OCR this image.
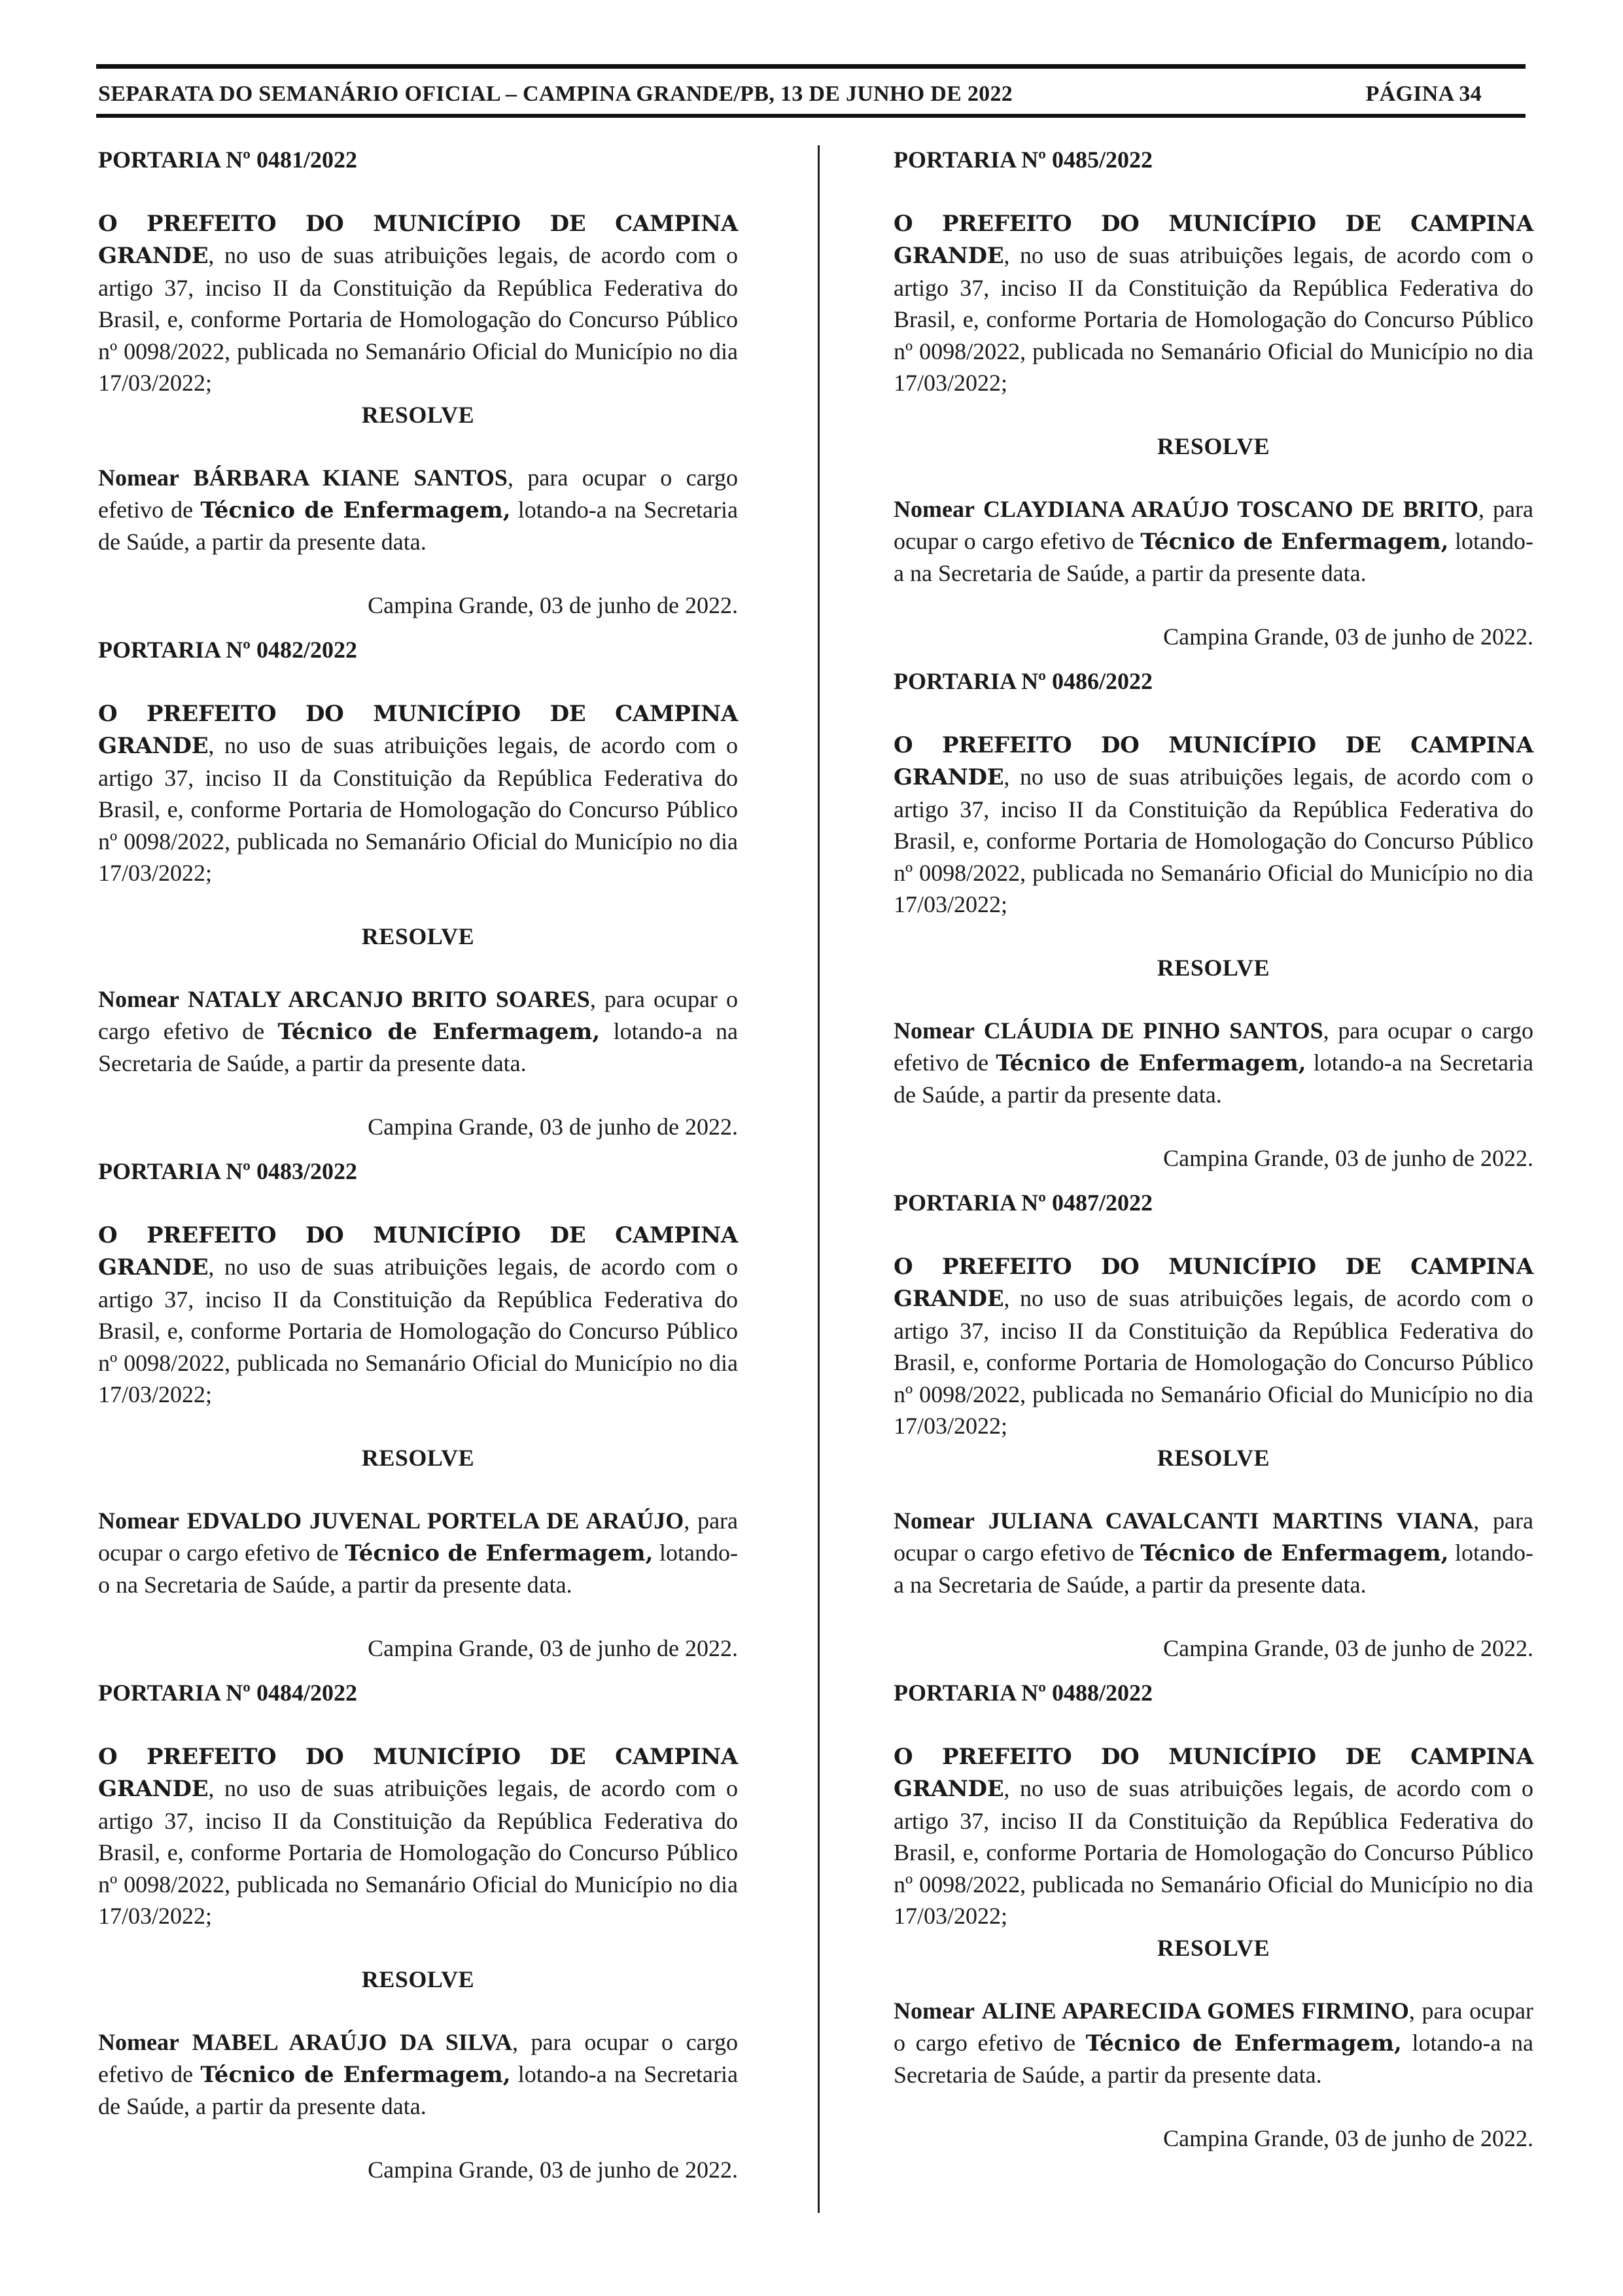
SEPARATA DO SEMANÁRIO OFICIAL – CAMPINA GRANDE/PB, 13 DE JUNHO DE 2022	PÁGINA 34
PORTARIA Nº 0481/2022

O PREFEITO DO MUNICÍPIO DE CAMPINA GRANDE, no uso de suas atribuições legais, de acordo com o artigo 37, inciso II da Constituição da República Federativa do Brasil, e, conforme Portaria de Homologação do Concurso Público nº 0098/2022, publicada no Semanário Oficial do Município no dia 17/03/2022;

RESOLVE

Nomear BÁRBARA KIANE SANTOS, para ocupar o cargo efetivo de Técnico de Enfermagem, lotando-a na Secretaria de Saúde, a partir da presente data.

Campina Grande, 03 de junho de 2022.
PORTARIA Nº 0482/2022

O PREFEITO DO MUNICÍPIO DE CAMPINA GRANDE, no uso de suas atribuições legais, de acordo com o artigo 37, inciso II da Constituição da República Federativa do Brasil, e, conforme Portaria de Homologação do Concurso Público nº 0098/2022, publicada no Semanário Oficial do Município no dia 17/03/2022;

RESOLVE

Nomear NATALY ARCANJO BRITO SOARES, para ocupar o cargo efetivo de Técnico de Enfermagem, lotando-a na Secretaria de Saúde, a partir da presente data.

Campina Grande, 03 de junho de 2022.
PORTARIA Nº 0483/2022

O PREFEITO DO MUNICÍPIO DE CAMPINA GRANDE, no uso de suas atribuições legais, de acordo com o artigo 37, inciso II da Constituição da República Federativa do Brasil, e, conforme Portaria de Homologação do Concurso Público nº 0098/2022, publicada no Semanário Oficial do Município no dia 17/03/2022;

RESOLVE

Nomear EDVALDO JUVENAL PORTELA DE ARAÚJO, para ocupar o cargo efetivo de Técnico de Enfermagem, lotando-o na Secretaria de Saúde, a partir da presente data.

Campina Grande, 03 de junho de 2022.
PORTARIA Nº 0484/2022

O PREFEITO DO MUNICÍPIO DE CAMPINA GRANDE, no uso de suas atribuições legais, de acordo com o artigo 37, inciso II da Constituição da República Federativa do Brasil, e, conforme Portaria de Homologação do Concurso Público nº 0098/2022, publicada no Semanário Oficial do Município no dia 17/03/2022;

RESOLVE

Nomear MABEL ARAÚJO DA SILVA, para ocupar o cargo efetivo de Técnico de Enfermagem, lotando-a na Secretaria de Saúde, a partir da presente data.

Campina Grande, 03 de junho de 2022.
PORTARIA Nº 0485/2022

O PREFEITO DO MUNICÍPIO DE CAMPINA GRANDE, no uso de suas atribuições legais, de acordo com o artigo 37, inciso II da Constituição da República Federativa do Brasil, e, conforme Portaria de Homologação do Concurso Público nº 0098/2022, publicada no Semanário Oficial do Município no dia 17/03/2022;

RESOLVE

Nomear CLAYDIANA ARAÚJO TOSCANO DE BRITO, para ocupar o cargo efetivo de Técnico de Enfermagem, lotando-a na Secretaria de Saúde, a partir da presente data.

Campina Grande, 03 de junho de 2022.
PORTARIA Nº 0486/2022

O PREFEITO DO MUNICÍPIO DE CAMPINA GRANDE, no uso de suas atribuições legais, de acordo com o artigo 37, inciso II da Constituição da República Federativa do Brasil, e, conforme Portaria de Homologação do Concurso Público nº 0098/2022, publicada no Semanário Oficial do Município no dia 17/03/2022;

RESOLVE

Nomear CLÁUDIA DE PINHO SANTOS, para ocupar o cargo efetivo de Técnico de Enfermagem, lotando-a na Secretaria de Saúde, a partir da presente data.

Campina Grande, 03 de junho de 2022.
PORTARIA Nº 0487/2022

O PREFEITO DO MUNICÍPIO DE CAMPINA GRANDE, no uso de suas atribuições legais, de acordo com o artigo 37, inciso II da Constituição da República Federativa do Brasil, e, conforme Portaria de Homologação do Concurso Público nº 0098/2022, publicada no Semanário Oficial do Município no dia 17/03/2022;

RESOLVE

Nomear JULIANA CAVALCANTI MARTINS VIANA, para ocupar o cargo efetivo de Técnico de Enfermagem, lotando-a na Secretaria de Saúde, a partir da presente data.

Campina Grande, 03 de junho de 2022.
PORTARIA Nº 0488/2022

O PREFEITO DO MUNICÍPIO DE CAMPINA GRANDE, no uso de suas atribuições legais, de acordo com o artigo 37, inciso II da Constituição da República Federativa do Brasil, e, conforme Portaria de Homologação do Concurso Público nº 0098/2022, publicada no Semanário Oficial do Município no dia 17/03/2022;

RESOLVE

Nomear ALINE APARECIDA GOMES FIRMINO, para ocupar o cargo efetivo de Técnico de Enfermagem, lotando-a na Secretaria de Saúde, a partir da presente data.

Campina Grande, 03 de junho de 2022.
